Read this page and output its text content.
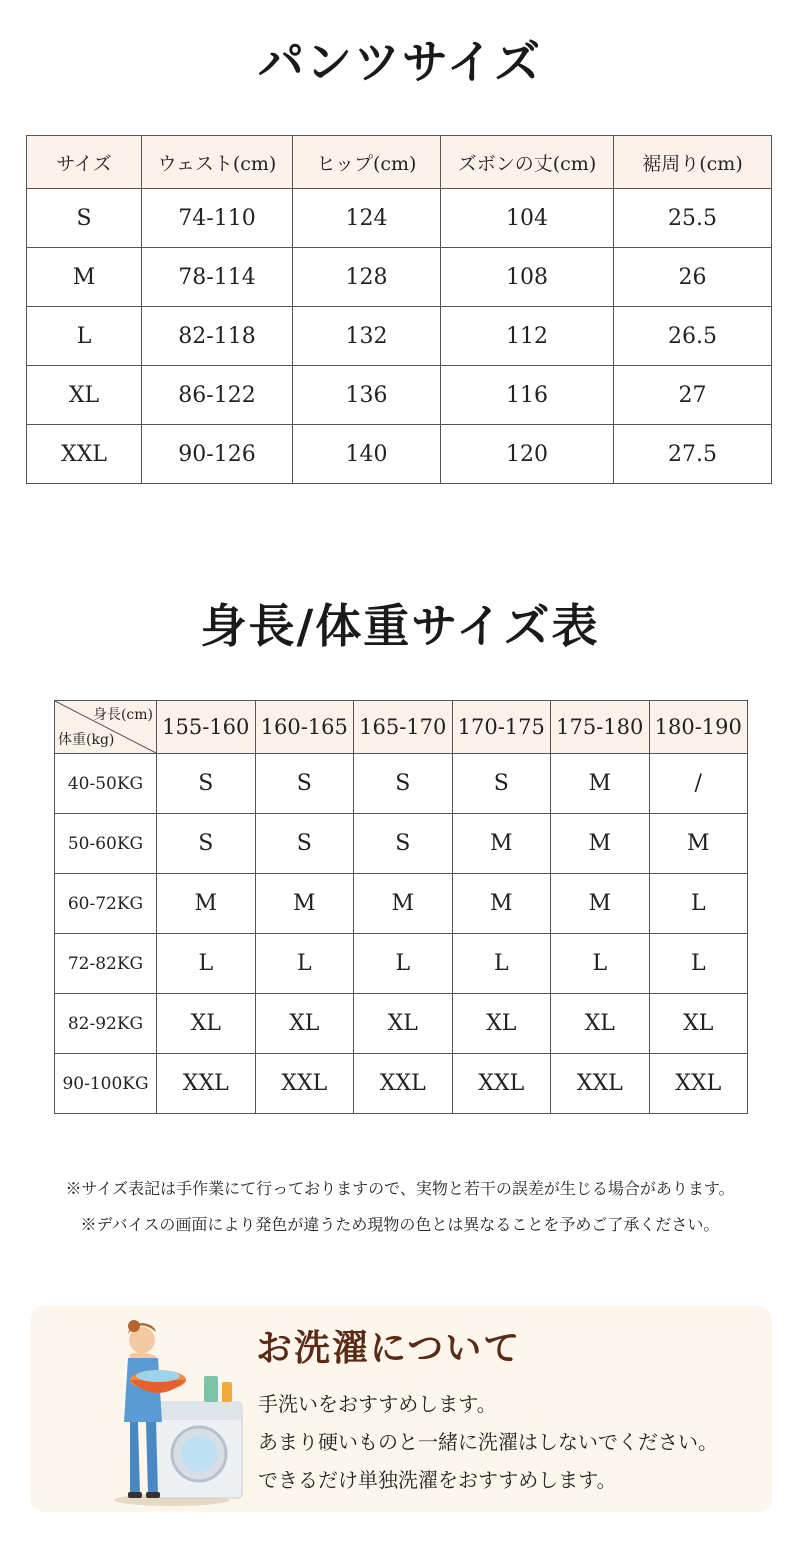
パンツサイズ
サイズ	ウェスト(cm)	ヒップ(cm)	ズボンの丈(cm)	裾周り(cm)
S	74-110	124	104	25.5
M	78-114	128	108	26
L	82-118	132	112	26.5
XL	86-122	136	116	27
XXL	90-126	140	120	27.5
身長/体重サイズ表
身長(cm)
体重(kg)	155-160	160-165	165-170	170-175	175-180	180-190
40-50KG	S	S	S	S	M	/
50-60KG	S	S	S	M	M	M
60-72KG	M	M	M	M	M	L
72-82KG	L	L	L	L	L	L
82-92KG	XL	XL	XL	XL	XL	XL
90-100KG	XXL	XXL	XXL	XXL	XXL	XXL
※サイズ表記は手作業にて行っておりますので、実物と若干の誤差が生じる場合があります。
※デバイスの画面により発色が違うため現物の色とは異なることを予めご了承ください。
お洗濯について
手洗いをおすすめします。
あまり硬いものと一緒に洗濯はしないでください。
できるだけ単独洗濯をおすすめします。
